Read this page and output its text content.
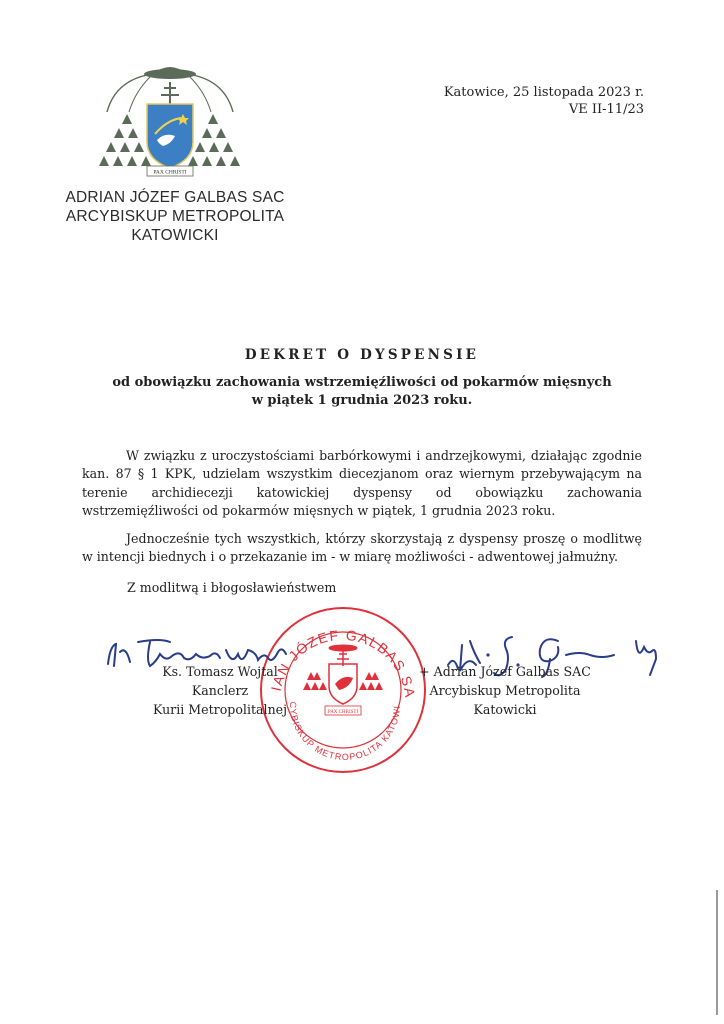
PAX CHRISTI
ADRIAN JÓZEF GALBAS SAC
ARCYBISKUP METROPOLITA
KATOWICKI
Katowice, 25 listopada 2023 r.
VE II-11/23
DEKRET O DYSPENSIE
od obowiązku zachowania wstrzemięźliwości od pokarmów mięsnych
w piątek 1 grudnia 2023 roku.

W związku z uroczystościami barbórkowymi i andrzejkowymi, działając zgodnie kan. 87 § 1 KPK, udzielam wszystkim diecezjanom oraz wiernym przebywającym na terenie archidiecezji katowickiej dyspensy od obowiązku zachowania wstrzemięźliwości od pokarmów mięsnych w piątek, 1 grudnia 2023 roku.

Jednocześnie tych wszystkich, którzy skorzystają z dyspensy proszę o modlitwę w intencji biednych i o przekazanie im - w miarę możliwości - adwentowej jałmużny.

Z modlitwą i błogosławieństwem
IAN JÓZEF GALBAS SA
CYBISKUP METROPOLITA KATOWI
PAX CHRISTI
Ks. Tomasz Wojtal
Kanclerz
Kurii Metropolitalnej
+ Adrian Józef Galbas SAC
Arcybiskup Metropolita
Katowicki
